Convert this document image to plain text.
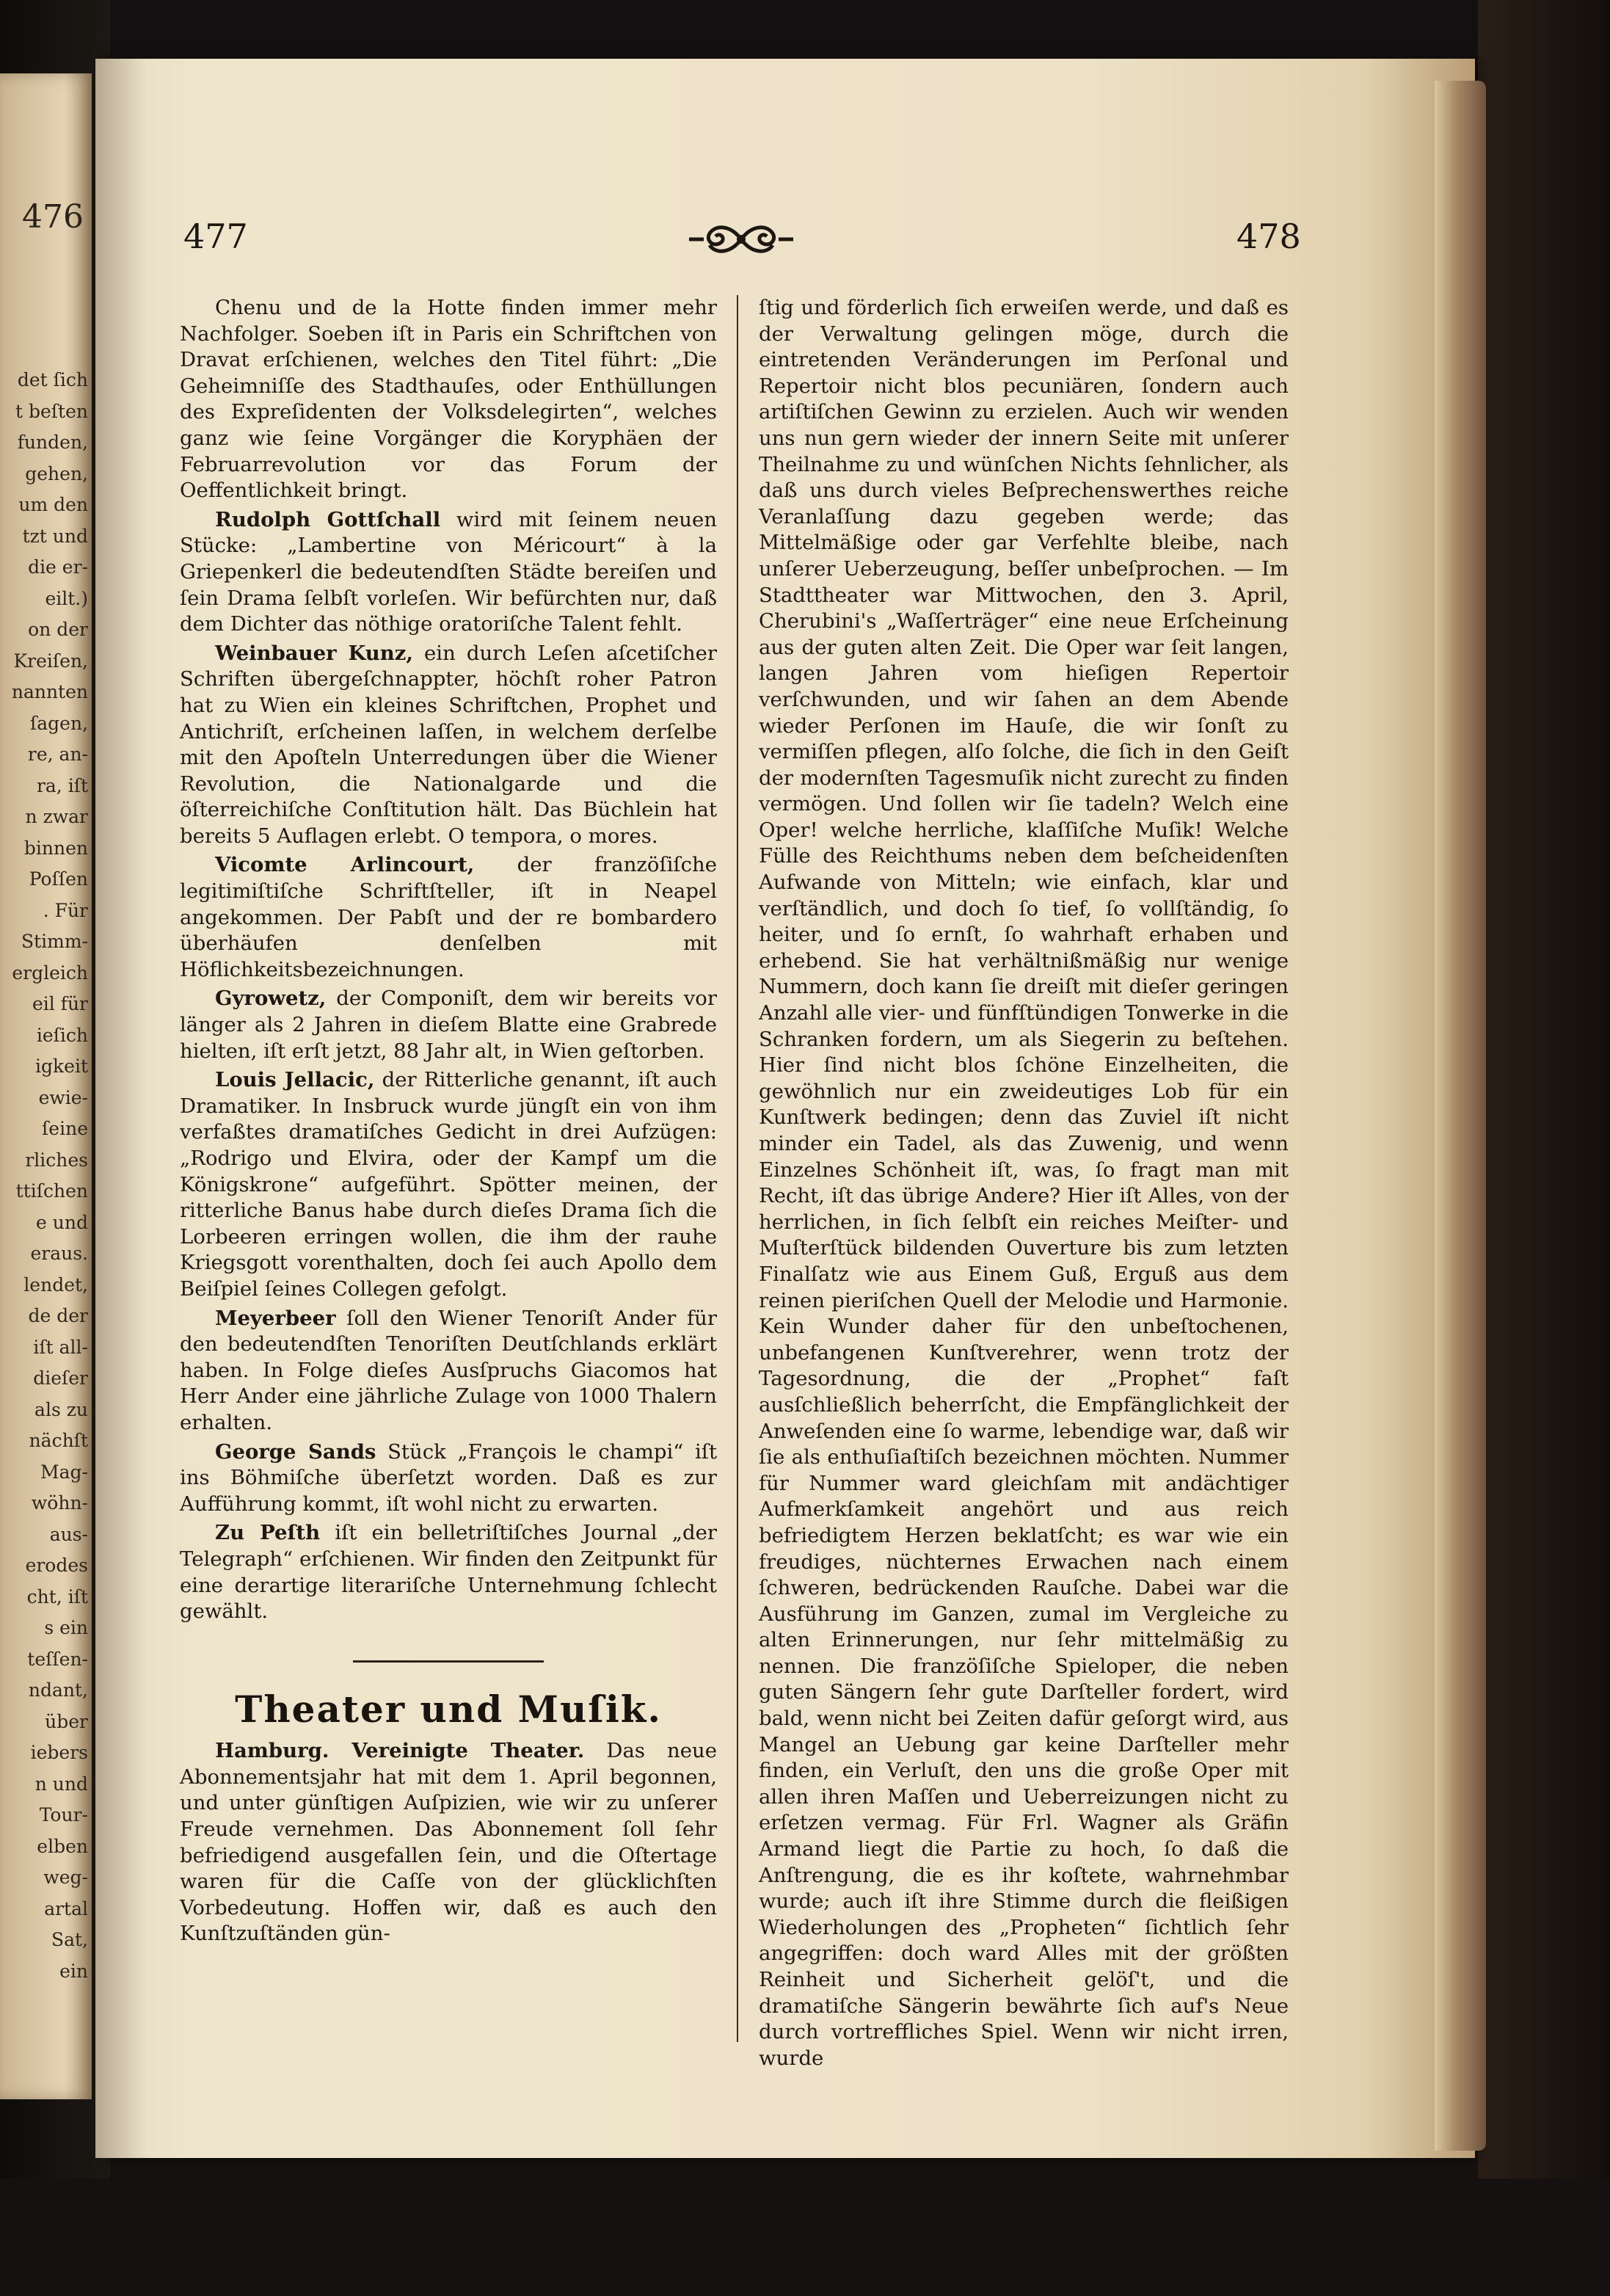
476
det ſich
t beſten
funden,
gehen,
um den
tzt und
die er-
eilt.)
on der
Kreiſen,
nannten
ſagen,
re, an-
ra, iſt
n zwar
binnen
Poſſen
. Für
Stimm-
ergleich
eil für
ieſich
igkeit
ewie-
ſeine
rliches
ttiſchen
e und
eraus.
lendet,
de der
iſt all-
dieſer
als zu
nächſt
Mag-
wöhn-
aus-
erodes
cht, iſt
s ein
teſſen-
ndant,
über
iebers
n und
Tour-
elben
weg-
artal
Sat,
ein
477	478

Chenu und de la Hotte finden immer mehr Nachfolger. Soeben iſt in Paris ein Schriftchen von Dravat erſchienen, welches den Titel führt: „Die Geheimniſſe des Stadthauſes, oder Enthüllungen des Expreſidenten der Volksdelegirten“, welches ganz wie ſeine Vorgänger die Koryphäen der Februarrevolution vor das Forum der Oeffentlichkeit bringt.

Rudolph Gottſchall wird mit ſeinem neuen Stücke: „Lambertine von Méricourt“ à la Griepenkerl die bedeutendſten Städte bereiſen und ſein Drama ſelbſt vorleſen. Wir befürchten nur, daß dem Dichter das nöthige oratoriſche Talent fehlt.

Weinbauer Kunz, ein durch Leſen aſcetiſcher Schriften übergeſchnappter, höchſt roher Patron hat zu Wien ein kleines Schriftchen, Prophet und Antichriſt, erſcheinen laſſen, in welchem derſelbe mit den Apoſteln Unterredungen über die Wiener Revolution, die Nationalgarde und die öſterreichiſche Conſtitution hält. Das Büchlein hat bereits 5 Auflagen erlebt. O tempora, o mores.

Vicomte Arlincourt, der franzöſiſche legitimiſtiſche Schriftſteller, iſt in Neapel angekommen. Der Pabſt und der re bombardero überhäufen denſelben mit Höflichkeitsbezeichnungen.

Gyrowetz, der Componiſt, dem wir bereits vor länger als 2 Jahren in dieſem Blatte eine Grabrede hielten, iſt erſt jetzt, 88 Jahr alt, in Wien geſtorben.

Louis Jellacic, der Ritterliche genannt, iſt auch Dramatiker. In Insbruck wurde jüngſt ein von ihm verfaßtes dramatiſches Gedicht in drei Aufzügen: „Rodrigo und Elvira, oder der Kampf um die Königskrone“ aufgeführt. Spötter meinen, der ritterliche Banus habe durch dieſes Drama ſich die Lorbeeren erringen wollen, die ihm der rauhe Kriegsgott vorenthalten, doch ſei auch Apollo dem Beiſpiel ſeines Collegen gefolgt.

Meyerbeer ſoll den Wiener Tenoriſt Ander für den bedeutendſten Tenoriſten Deutſchlands erklärt haben. In Folge dieſes Ausſpruchs Giacomos hat Herr Ander eine jährliche Zulage von 1000 Thalern erhalten.

George Sands Stück „François le champi“ iſt ins Böhmiſche überſetzt worden. Daß es zur Aufführung kommt, iſt wohl nicht zu erwarten.

Zu Peſth iſt ein belletriſtiſches Journal „der Telegraph“ erſchienen. Wir finden den Zeitpunkt für eine derartige literariſche Unternehmung ſchlecht gewählt.

Theater und Muſik.

Hamburg. Vereinigte Theater. Das neue Abonnementsjahr hat mit dem 1. April begonnen, und unter günſtigen Auſpizien, wie wir zu unſerer Freude vernehmen. Das Abonnement ſoll ſehr befriedigend ausgefallen ſein, und die Oſtertage waren für die Caſſe von der glücklichſten Vorbedeutung. Hoffen wir, daß es auch den Kunſtzuſtänden gün-

ſtig und förderlich ſich erweiſen werde, und daß es der Verwaltung gelingen möge, durch die eintretenden Veränderungen im Perſonal und Repertoir nicht blos pecuniären, ſondern auch artiſtiſchen Gewinn zu erzielen. Auch wir wenden uns nun gern wieder der innern Seite mit unſerer Theilnahme zu und wünſchen Nichts ſehnlicher, als daß uns durch vieles Beſprechenswerthes reiche Veranlaſſung dazu gegeben werde; das Mittelmäßige oder gar Verfehlte bleibe, nach unſerer Ueberzeugung, beſſer unbeſprochen. — Im Stadttheater war Mittwochen, den 3. April, Cherubini's „Waſſerträger“ eine neue Erſcheinung aus der guten alten Zeit. Die Oper war ſeit langen, langen Jahren vom hieſigen Repertoir verſchwunden, und wir ſahen an dem Abende wieder Perſonen im Hauſe, die wir ſonſt zu vermiſſen pflegen, alſo ſolche, die ſich in den Geiſt der modernſten Tagesmuſik nicht zurecht zu finden vermögen. Und ſollen wir ſie tadeln? Welch eine Oper! welche herrliche, klaſſiſche Muſik! Welche Fülle des Reichthums neben dem beſcheidenſten Aufwande von Mitteln; wie einfach, klar und verſtändlich, und doch ſo tief, ſo vollſtändig, ſo heiter, und ſo ernſt, ſo wahrhaft erhaben und erhebend. Sie hat verhältnißmäßig nur wenige Nummern, doch kann ſie dreiſt mit dieſer geringen Anzahl alle vier- und fünfſtündigen Tonwerke in die Schranken fordern, um als Siegerin zu beſtehen. Hier ſind nicht blos ſchöne Einzelheiten, die gewöhnlich nur ein zweideutiges Lob für ein Kunſtwerk bedingen; denn das Zuviel iſt nicht minder ein Tadel, als das Zuwenig, und wenn Einzelnes Schönheit iſt, was, ſo fragt man mit Recht, iſt das übrige Andere? Hier iſt Alles, von der herrlichen, in ſich ſelbſt ein reiches Meiſter- und Muſterſtück bildenden Ouverture bis zum letzten Finalſatz wie aus Einem Guß, Erguß aus dem reinen pieriſchen Quell der Melodie und Harmonie. Kein Wunder daher für den unbeſtochenen, unbefangenen Kunſtverehrer, wenn trotz der Tagesordnung, die der „Prophet“ faſt ausſchließlich beherrſcht, die Empfänglichkeit der Anweſenden eine ſo warme, lebendige war, daß wir ſie als enthuſiaſtiſch bezeichnen möchten. Nummer für Nummer ward gleichſam mit andächtiger Aufmerkſamkeit angehört und aus reich befriedigtem Herzen beklatſcht; es war wie ein freudiges, nüchternes Erwachen nach einem ſchweren, bedrückenden Rauſche. Dabei war die Ausführung im Ganzen, zumal im Vergleiche zu alten Erinnerungen, nur ſehr mittelmäßig zu nennen. Die franzöſiſche Spieloper, die neben guten Sängern ſehr gute Darſteller fordert, wird bald, wenn nicht bei Zeiten dafür geſorgt wird, aus Mangel an Uebung gar keine Darſteller mehr finden, ein Verluſt, den uns die große Oper mit allen ihren Maſſen und Ueberreizungen nicht zu erſetzen vermag. Für Frl. Wagner als Gräfin Armand liegt die Partie zu hoch, ſo daß die Anſtrengung, die es ihr koſtete, wahrnehmbar wurde; auch iſt ihre Stimme durch die fleißigen Wiederholungen des „Propheten“ ſichtlich ſehr angegriffen: doch ward Alles mit der größten Reinheit und Sicherheit gelöſ't, und die dramatiſche Sängerin bewährte ſich auf's Neue durch vortreffliches Spiel. Wenn wir nicht irren, wurde
